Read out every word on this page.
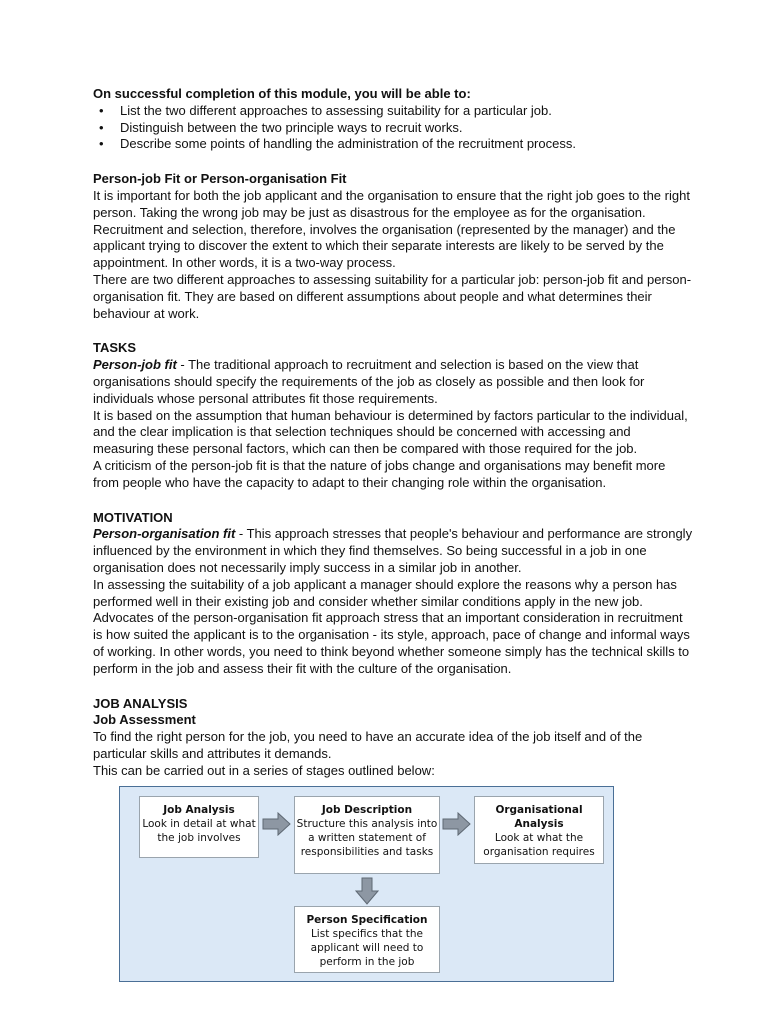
On successful completion of this module, you will be able to:

• List the two different approaches to assessing suitability for a particular job.
• Distinguish between the two principle ways to recruit works.
• Describe some points of handling the administration of the recruitment process.
Person-job Fit or Person-organisation Fit

It is important for both the job applicant and the organisation to ensure that the right job goes to the right person. Taking the wrong job may be just as disastrous for the employee as for the organisation. Recruitment and selection, therefore, involves the organisation (represented by the manager) and the applicant trying to discover the extent to which their separate interests are likely to be served by the appointment. In other words, it is a two-way process.

There are two different approaches to assessing suitability for a particular job: person-job fit and person-organisation fit. They are based on different assumptions about people and what determines their behaviour at work.

TASKS

Person-job fit - The traditional approach to recruitment and selection is based on the view that organisations should specify the requirements of the job as closely as possible and then look for individuals whose personal attributes fit those requirements.

It is based on the assumption that human behaviour is determined by factors particular to the individual, and the clear implication is that selection techniques should be concerned with accessing and measuring these personal factors, which can then be compared with those required for the job.

A criticism of the person-job fit is that the nature of jobs change and organisations may benefit more from people who have the capacity to adapt to their changing role within the organisation.

MOTIVATION

Person-organisation fit - This approach stresses that people's behaviour and performance are strongly influenced by the environment in which they find themselves. So being successful in a job in one organisation does not necessarily imply success in a similar job in another.

In assessing the suitability of a job applicant a manager should explore the reasons why a person has performed well in their existing job and consider whether similar conditions apply in the new job.

Advocates of the person-organisation fit approach stress that an important consideration in recruitment is how suited the applicant is to the organisation - its style, approach, pace of change and informal ways of working. In other words, you need to think beyond whether someone simply has the technical skills to perform in the job and assess their fit with the culture of the organisation.

JOB ANALYSIS
Job Assessment

To find the right person for the job, you need to have an accurate idea of the job itself and of the particular skills and attributes it demands.

This can be carried out in a series of stages outlined below:

Job Analysis
Look in detail at what the job involves
Job Description
Structure this analysis into a written statement of responsibilities and tasks
Organisational Analysis
Look at what the organisation requires
Person Specification
List specifics that the applicant will need to perform in the job
